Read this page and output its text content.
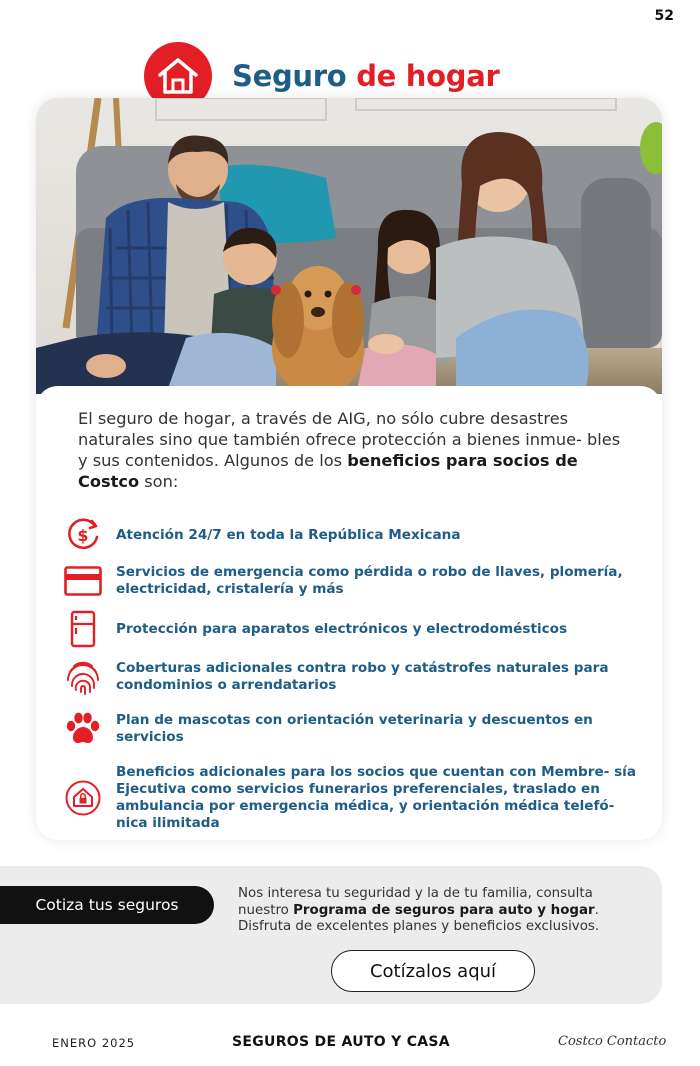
52
Seguro de hogar

El seguro de hogar, a través de AIG, no sólo cubre desastres naturales sino que también ofrece protección a bienes inmue- bles y sus contenidos. Algunos de los beneficios para socios de Costco son:

$ Atención 24/7 en toda la República Mexicana
Servicios de emergencia como pérdida o robo de llaves, plomería, electricidad, cristalería y más
Protección para aparatos electrónicos y electrodomésticos
Coberturas adicionales contra robo y catástrofes naturales para condominios o arrendatarios
Plan de mascotas con orientación veterinaria y descuentos en servicios
Beneficios adicionales para los socios que cuentan con Membre- sía Ejecutiva como servicios funerarios preferenciales, traslado en ambulancia por emergencia médica, y orientación médica telefó- nica ilimitada
Cotiza tus seguros

Nos interesa tu seguridad y la de tu familia, consulta nuestro Programa de seguros para auto y hogar. Disfruta de excelentes planes y beneficios exclusivos.

Cotízalos aquí
ENERO 2025	SEGUROS DE AUTO Y CASA	Costco Contacto
